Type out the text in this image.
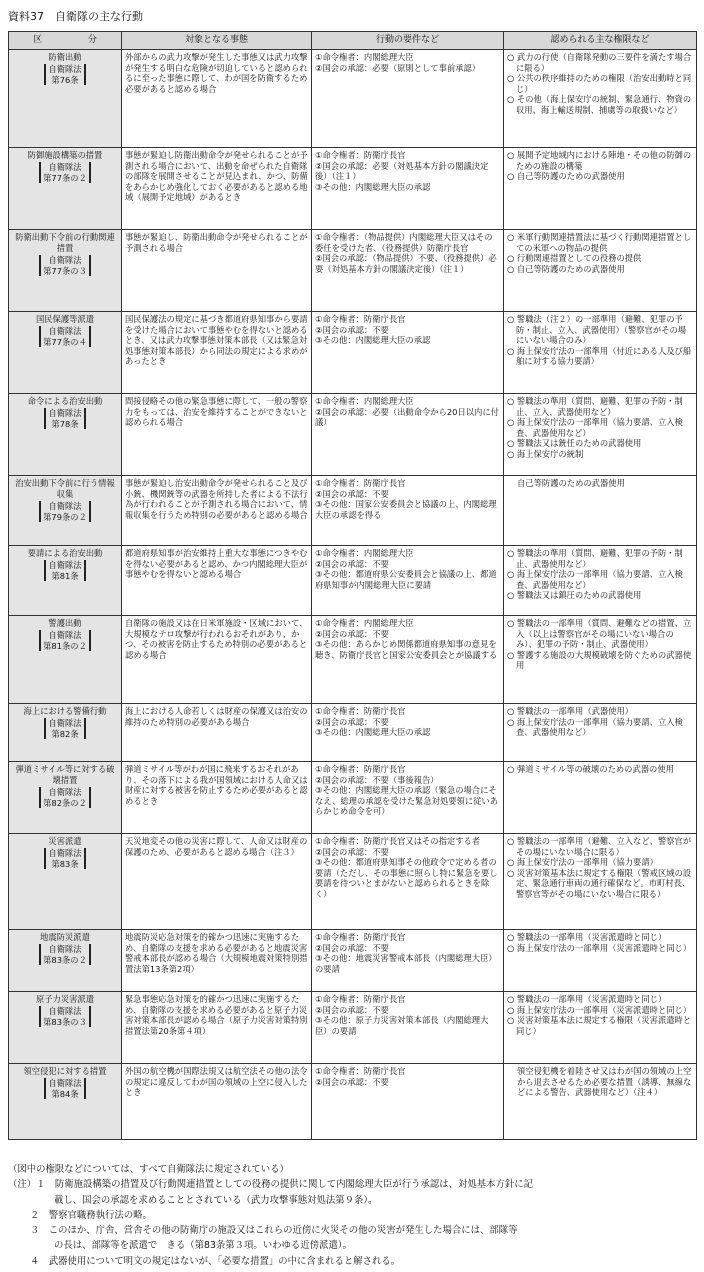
資料37　自衛隊の主な行動
区 分	対象となる事態	行動の要件など	認められる主な権限など

防衛出動
自衛隊法
第76条	外部からの武力攻撃が発生した事態又は武力攻撃が発生する明白な危険が切迫していると認められるに至った事態に際して、わが国を防衛するため必要があると認める場合	①命令権者：内閣総理大臣
②国会の承認：必要（原則として事前承認）	○ 武力の行使（自衛隊発動の三要件を満たす場合に限る）
○ 公共の秩序維持のための権限（治安出動時と同じ）
○ その他（海上保安庁の統制、緊急通行、物資の収用、海上輸送規制、捕虜等の取扱いなど）

防御施設構築の措置
自衛隊法
第77条の２	事態が緊迫し防衛出動命令が発せられることが予測される場合において、出動を命ぜられた自衛隊の部隊を展開させることが見込まれ、かつ、防備をあらかじめ強化しておく必要があると認める地域（展開予定地域）があるとき	①命令権者：防衛庁長官
②国会の承認：必要（対処基本方針の閣議決定後）（注１）
③その他：内閣総理大臣の承認	○ 展開予定地域内における陣地・その他の防御のための施設の構築
○ 自己等防護のための武器使用

防衛出動下令前の行動関連措置
自衛隊法
第77条の３	事態が緊迫し、防衛出動命令が発せられることが予測される場合	①命令権者：（物品提供）内閣総理大臣又はその委任を受けた者、（役務提供）防衛庁長官
②国会の承認：（物品提供）不要、（役務提供）必要（対処基本方針の閣議決定後）（注１）	○ 米軍行動関連措置法に基づく行動関連措置としての米軍への物品の提供
○ 行動関連措置としての役務の提供
○ 自己等防護のための武器使用

国民保護等派遣
自衛隊法
第77条の４	国民保護法の規定に基づき都道府県知事から要請を受けた場合において事態やむを得ないと認めるとき、又は武力攻撃事態対策本部長（又は緊急対処事態対策本部長）から同法の規定による求めがあったとき	①命令権者：防衛庁長官
②国会の承認：不要
③その他：内閣総理大臣の承認	○ 警職法（注２）の一部準用（避難、犯罪の予防・制止、立入、武器使用）（警察官がその場にいない場合のみ）
○ 海上保安庁法の一部準用（付近にある人及び船舶に対する協力要請）

命令による治安出動
自衛隊法
第78条	間接侵略その他の緊急事態に際して、一般の警察力をもっては、治安を維持することができないと認められる場合	①命令権者：内閣総理大臣
②国会の承認：必要（出動命令から20日以内に付議）	○ 警職法の準用（質問、避難、犯罪の予防・制止、立入、武器使用など）
○ 海上保安庁法の一部準用（協力要請、立入検査、武器使用など）
○ 警職法又は銃任のための武器使用
○ 海上保安庁の統制

治安出動下令前に行う情報収集
自衛隊法
第79条の２	事態が緊迫し治安出動命令が発せられること及び小銃、機関銃等の武器を所持した者による不法行為が行われることが予測される場合において、情報収集を行うため特別の必要があると認める場合	①命令権者：防衛庁長官
②国会の承認：不要
③その他：国家公安委員会と協議の上、内閣総理大臣の承認を得る	自己等防護のための武器使用

要請による治安出動
自衛隊法
第81条	都道府県知事が治安維持上重大な事態につきやむを得ない必要があると認め、かつ内閣総理大臣が事態やむを得ないと認める場合	①命令権者：内閣総理大臣
②国会の承認：不要
③その他：都道府県公安委員会と協議の上、都道府県知事が内閣総理大臣に要請	○ 警職法の準用（質問、避難、犯罪の予防・制止、武器使用など）
○ 海上保安庁法の一部準用（協力要請、立入検査、武器使用など）
○ 警職法又は鎮圧のための武器使用

警護出動
自衛隊法
第81条の２	自衛隊の施設又は在日米軍施設・区域において、大規模なテロ攻撃が行われるおそれがあり、かつ、その被害を防止するため特別の必要があると認める場合	①命令権者：内閣総理大臣
②国会の承認：不要
③その他：あらかじめ関係都道府県知事の意見を聴き、防衛庁長官と国家公安委員会とが協議する	○ 警職法の一部準用（質問、避難などの措置、立入（以上は警察官がその場にいない場合のみ）、犯罪の予防・制止、武器使用）
○ 警護する施設の大規模破壊を防ぐための武器使用

海上における警備行動
自衛隊法
第82条	海上における人命若しくは財産の保護又は治安の維持のため特別の必要がある場合	①命令権者：防衛庁長官
②国会の承認：不要
③その他：内閣総理大臣の承認	○ 警職法の一部準用（武器使用）
○ 海上保安庁法の一部準用（協力要請、立入検査、武器使用など）

弾道ミサイル等に対する破壊措置
自衛隊法
第82条の２	弾道ミサイル等がわが国に飛来するおそれがあり、その落下による我が国領域における人命又は財産に対する被害を防止するため必要があると認めるとき	①命令権者：防衛庁長官
②国会の承認：不要（事後報告）
③その他：内閣総理大臣の承認（緊急の場合にそなえ、総理の承認を受けた緊急対処要領に従いあらかじめ命令を可）	○ 弾道ミサイル等の破壊のための武器の使用

災害派遣
自衛隊法
第83条	天災地変その他の災害に際して、人命又は財産の保護のため、必要があると認める場合（注３）	①命令権者：防衛庁長官又はその指定する者
②国会の承認：不要
③その他：都道府県知事その他政令で定める者の要請（ただし、その事態に照らし特に緊急を要し要請を待ついとまがないと認められるときを除く）	○ 警職法の一部準用（避難、立入など、警察官がその場にいない場合に限る）
○ 海上保安庁法の一部準用（協力要請）
○ 災害対策基本法に規定する権限（警戒区域の設定、緊急通行車両の通行確保など。市町村長、警察官等がその場にいない場合に限る）

地震防災派遣
自衛隊法
第83条の２	地震防災応急対策を的確かつ迅速に実施するため、自衛隊の支援を求める必要があると地震災害警戒本部長が認める場合（大規模地震対策特別措置法第13条第2項）	①命令権者：防衛庁長官
②国会の承認：不要
③その他：地震災害警戒本部長（内閣総理大臣）の要請	○ 警職法の一部準用（災害派遣時と同じ）
○ 海上保安庁法の一部準用（災害派遣時と同じ）

原子力災害派遣
自衛隊法
第83条の３	緊急事態応急対策を的確かつ迅速に実施するため、自衛隊の支援を求める必要があると原子力災害対策本部長が認める場合（原子力災害対策特別措置法第20条第４項）	①命令権者：防衛庁長官
②国会の承認：不要
③その他：原子力災害対策本部長（内閣総理大臣）の要請	○ 警職法の一部準用（災害派遣時と同じ）
○ 海上保安庁法の一部準用（災害派遣時と同じ）
○ 災害対策基本法に規定する権限（災害派遣時と同じ）

領空侵犯に対する措置
自衛隊法
第84条	外国の航空機が国際法規又は航空法その他の法令の規定に違反してわが国の領域の上空に侵入したとき	①命令権者：防衛庁長官
②国会の承認：不要	領空侵犯機を着陸させ又はわが国の領域の上空から退去させるため必要な措置（誘導、無線などによる警告、武器使用など）（注４）
（図中の権限などについては、すべて自衛隊法に規定されている）
（注）１　 防衛施設構築の措置及び行動関連措置としての役務の提供に関して内閣総理大臣が行う承認は、対処基本方針に記
載し、国会の承認を求めることとされている（武力攻撃事態対処法第９条）。
２　 警察官職務執行法の略。
３　 このほか、庁舎、営舎その他の防衛庁の施設又はこれらの近傍に火災その他の災害が発生した場合には、部隊等
の長は、部隊等を派遣で　きる（第83条第３項。いわゆる近傍派遣）。
４　 武器使用について明文の規定はないが、「必要な措置」の中に含まれると解される。
